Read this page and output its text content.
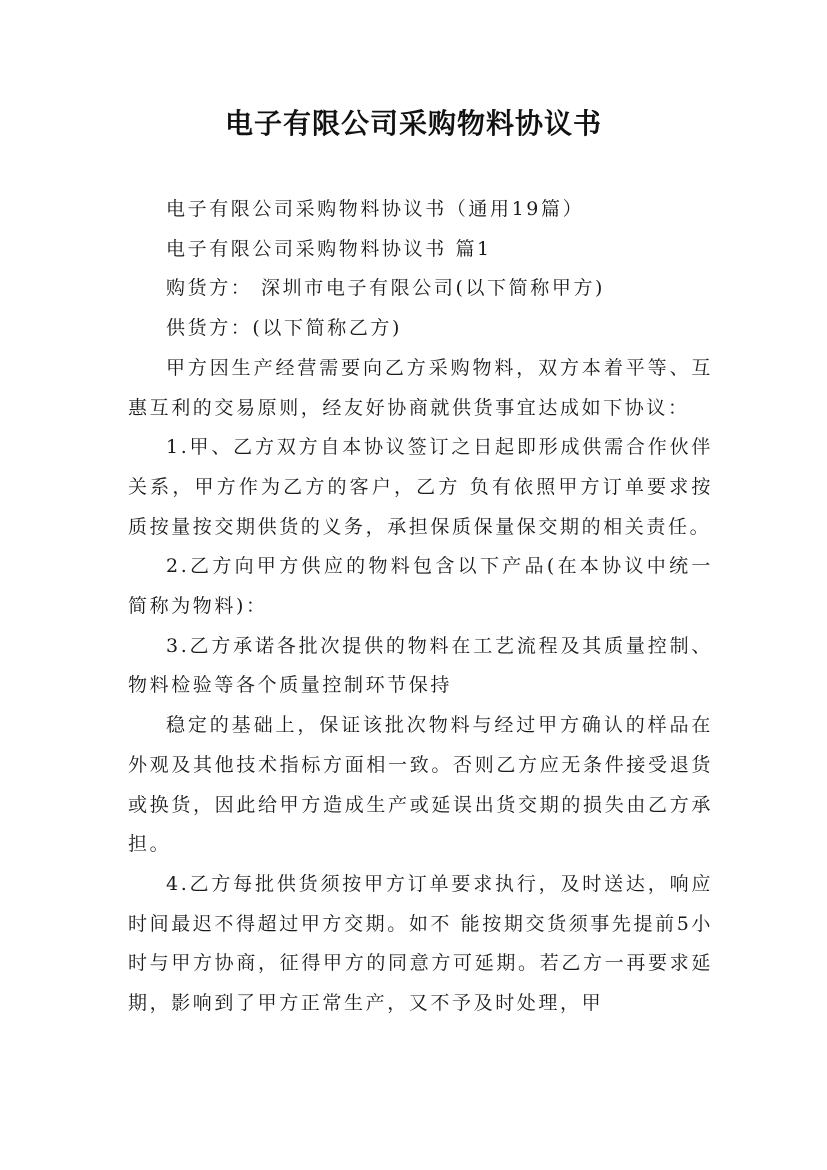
电子有限公司采购物料协议书

电子有限公司采购物料协议书（通用19篇）

电子有限公司采购物料协议书 篇1

购货方： 深圳市电子有限公司(以下简称甲方)

供货方：(以下简称乙方)

甲方因生产经营需要向乙方采购物料，双方本着平等、互惠互利的交易原则，经友好协商就供货事宜达成如下协议：

1.甲、乙方双方自本协议签订之日起即形成供需合作伙伴关系，甲方作为乙方的客户，乙方 负有依照甲方订单要求按质按量按交期供货的义务，承担保质保量保交期的相关责任。

2.乙方向甲方供应的物料包含以下产品(在本协议中统一简称为物料)：

3.乙方承诺各批次提供的物料在工艺流程及其质量控制、物料检验等各个质量控制环节保持

稳定的基础上，保证该批次物料与经过甲方确认的样品在外观及其他技术指标方面相一致。否则乙方应无条件接受退货或换货，因此给甲方造成生产或延误出货交期的损失由乙方承担。

4.乙方每批供货须按甲方订单要求执行，及时送达，响应时间最迟不得超过甲方交期。如不 能按期交货须事先提前5小时与甲方协商，征得甲方的同意方可延期。若乙方一再要求延期，影响到了甲方正常生产，又不予及时处理，甲
